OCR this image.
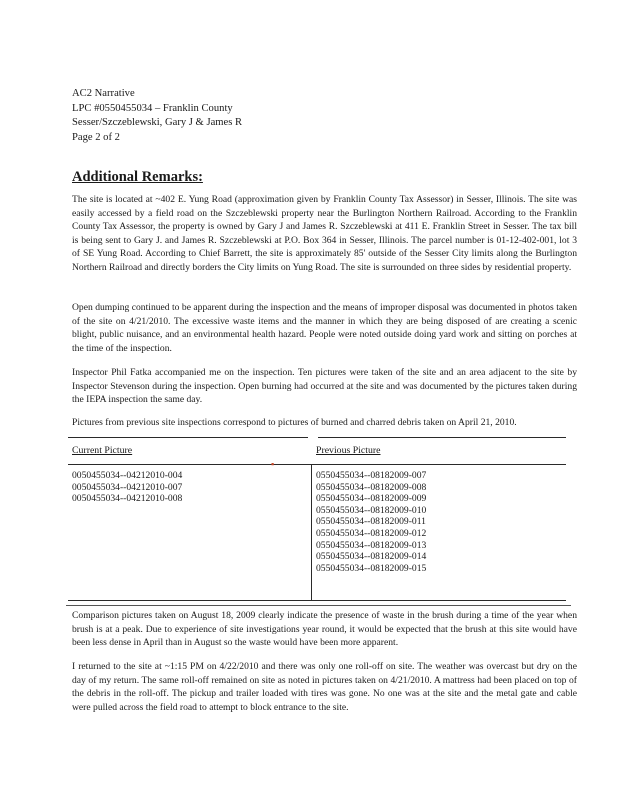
AC2 Narrative
LPC #0550455034 – Franklin County
Sesser/Szczeblewski, Gary J & James R
Page 2 of 2
Additional Remarks:

The site is located at ~402 E. Yung Road (approximation given by Franklin County Tax Assessor) in Sesser, Illinois. The site was easily accessed by a field road on the Szczeblewski property near the Burlington Northern Railroad. According to the Franklin County Tax Assessor, the property is owned by Gary J and James R. Szczeblewski at 411 E. Franklin Street in Sesser. The tax bill is being sent to Gary J. and James R. Szczeblewski at P.O. Box 364 in Sesser, Illinois. The parcel number is 01-12-402-001, lot 3 of SE Yung Road. According to Chief Barrett, the site is approximately 85' outside of the Sesser City limits along the Burlington Northern Railroad and directly borders the City limits on Yung Road. The site is surrounded on three sides by residential property.

Open dumping continued to be apparent during the inspection and the means of improper disposal was documented in photos taken of the site on 4/21/2010. The excessive waste items and the manner in which they are being disposed of are creating a scenic blight, public nuisance, and an environmental health hazard. People were noted outside doing yard work and sitting on porches at the time of the inspection.

Inspector Phil Fatka accompanied me on the inspection. Ten pictures were taken of the site and an area adjacent to the site by Inspector Stevenson during the inspection. Open burning had occurred at the site and was documented by the pictures taken during the IEPA inspection the same day.

Pictures from previous site inspections correspond to pictures of burned and charred debris taken on April 21, 2010.

Current Picture	Previous Picture
▪
0050455034--04212010-004
0050455034--04212010-007
0050455034--04212010-008
0550455034--08182009-007
0550455034--08182009-008
0550455034--08182009-009
0550455034--08182009-010
0550455034--08182009-011
0550455034--08182009-012
0550455034--08182009-013
0550455034--08182009-014
0550455034--08182009-015

Comparison pictures taken on August 18, 2009 clearly indicate the presence of waste in the brush during a time of the year when brush is at a peak. Due to experience of site investigations year round, it would be expected that the brush at this site would have been less dense in April than in August so the waste would have been more apparent.

I returned to the site at ~1:15 PM on 4/22/2010 and there was only one roll-off on site. The weather was overcast but dry on the day of my return. The same roll-off remained on site as noted in pictures taken on 4/21/2010. A mattress had been placed on top of the debris in the roll-off. The pickup and trailer loaded with tires was gone. No one was at the site and the metal gate and cable were pulled across the field road to attempt to block entrance to the site.
